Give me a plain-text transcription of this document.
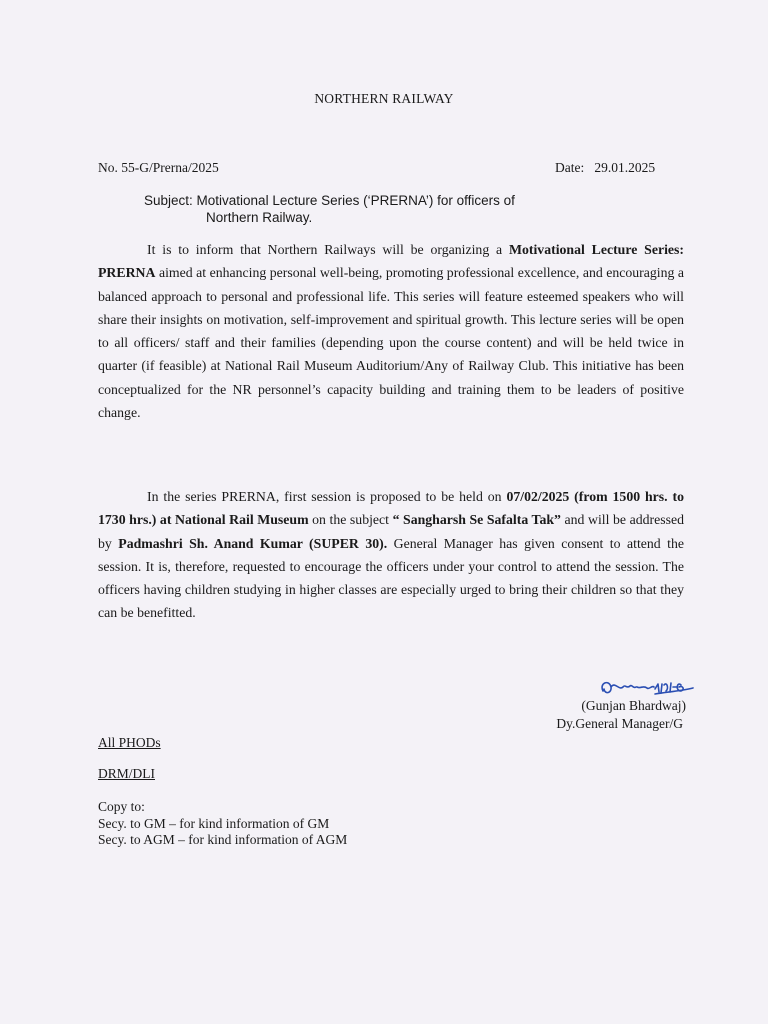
NORTHERN RAILWAY

No. 55-G/Prerna/2025	Date:   29.01.2025

Subject: Motivational Lecture Series (‘PRERNA’) for officers of
Northern Railway.

It is to inform that Northern Railways will be organizing a Motivational Lecture Series: PRERNA aimed at enhancing personal well-being, promoting professional excellence, and encouraging a balanced approach to personal and professional life. This series will feature esteemed speakers who will share their insights on motivation, self-improvement and spiritual growth. This lecture series will be open to all officers/ staff and their families (depending upon the course content) and will be held twice in quarter (if feasible) at National Rail Museum Auditorium/Any of Railway Club. This initiative has been conceptualized for the NR personnel’s capacity building and training them to be leaders of positive change.

In the series PRERNA, first session is proposed to be held on 07/02/2025 (from 1500 hrs. to 1730 hrs.) at National Rail Museum on the subject “ Sangharsh Se Safalta Tak” and will be addressed by Padmashri Sh. Anand Kumar (SUPER 30). General Manager has given consent to attend the session. It is, therefore, requested to encourage the officers under your control to attend the session. The officers having children studying in higher classes are especially urged to bring their children so that they can be benefitted.

(Gunjan Bhardwaj)

Dy.General Manager/G

All PHODs

DRM/DLI

Copy to:
Secy. to GM – for kind information of GM
Secy. to AGM – for kind information of AGM
